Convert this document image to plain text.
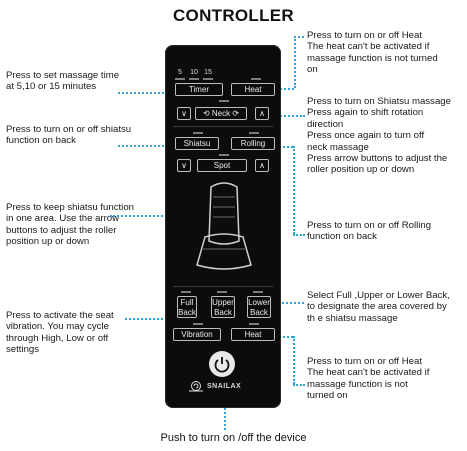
CONTROLLER
Press to set massage time
at 5,10 or 15 minutes
Press to turn on or off shiatsu
function on back
Press to keep shiatsu function
in one area. Use the arrow
buttons to adjust the roller
position up or down
Press to activate the seat
vibration. You may cycle
through High, Low or off
settings
Press to turn on or off Heat
The heat can't be activated if
massage function is not turned
on
Press to turn on Shiatsu massage
Press again to shift rotation
direction
Press once again to turn off
neck massage
Press arrow buttons to adjust the
roller position up or down
Press to turn on or off Rolling
function on back
Select Full ,Upper or Lower Back,
to designate the area covered by
th e shiatsu massage
Press to turn on or off Heat
The heat can't be activated if
massage function is not
turned on
5	10 15
Timer	Heat
∨	⟲ Neck ⟳	∧
Shiatsu	Rolling
∨	Spot	∧
Full
Back
Upper
Back
Lower
Back
Vibration	Heat
SNAILAX
Push to turn on /off the device
